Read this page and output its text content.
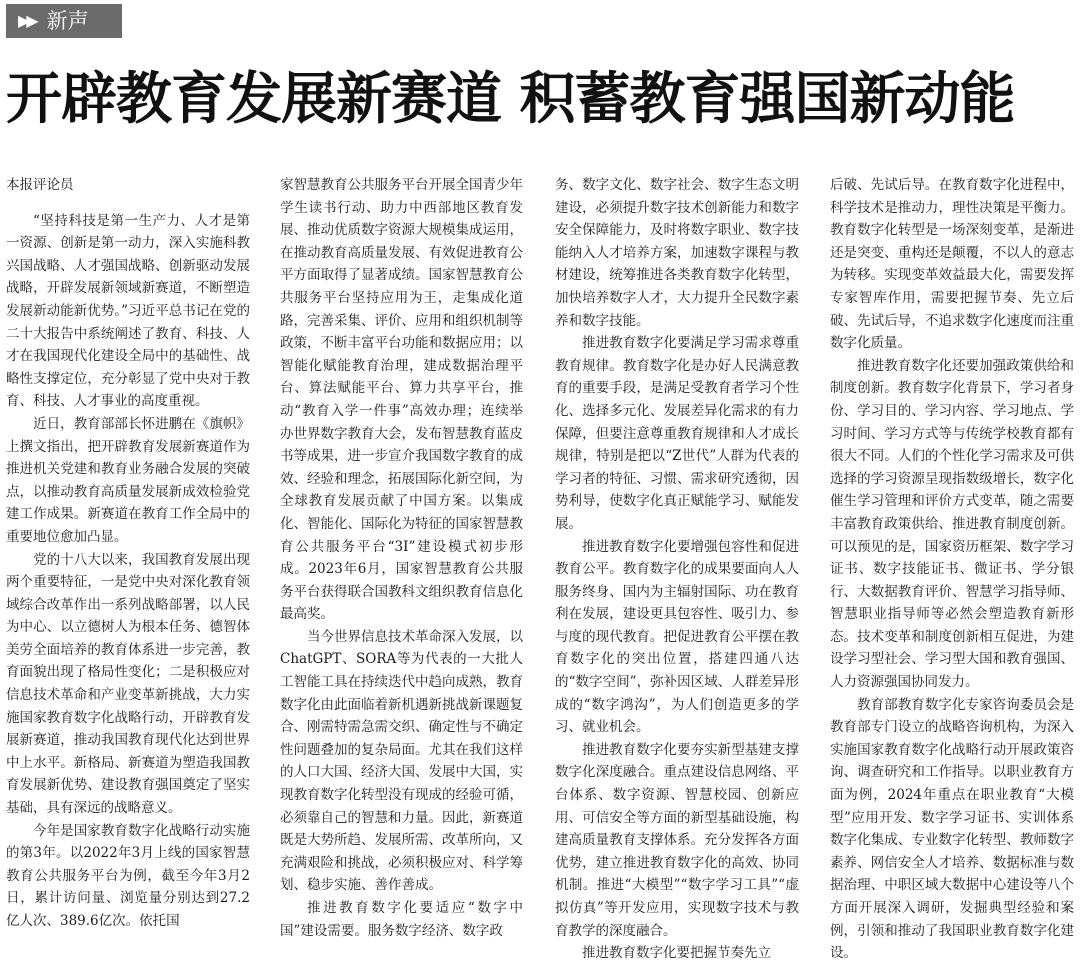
▶▶ 新声
开辟教育发展新赛道 积蓄教育强国新动能
本报评论员

“坚持科技是第一生产力、人才是第一资源、创新是第一动力，深入实施科教兴国战略、人才强国战略、创新驱动发展战略，开辟发展新领域新赛道，不断塑造发展新动能新优势。”习近平总书记在党的二十大报告中系统阐述了教育、科技、人才在我国现代化建设全局中的基础性、战略性支撑定位，充分彰显了党中央对于教育、科技、人才事业的高度重视。

近日，教育部部长怀进鹏在《旗帜》上撰文指出，把开辟教育发展新赛道作为推进机关党建和教育业务融合发展的突破点，以推动教育高质量发展新成效检验党建工作成果。新赛道在教育工作全局中的重要地位愈加凸显。

党的十八大以来，我国教育发展出现两个重要特征，一是党中央对深化教育领域综合改革作出一系列战略部署，以人民为中心、以立德树人为根本任务、德智体美劳全面培养的教育体系进一步完善，教育面貌出现了格局性变化；二是积极应对信息技术革命和产业变革新挑战，大力实施国家教育数字化战略行动，开辟教育发展新赛道，推动我国教育现代化达到世界中上水平。新格局、新赛道为塑造我国教育发展新优势、建设教育强国奠定了坚实基础，具有深远的战略意义。

今年是国家教育数字化战略行动实施的第3年。以2022年3月上线的国家智慧教育公共服务平台为例，截至今年3月2日，累计访问量、浏览量分别达到27.2亿人次、389.6亿次。依托国

家智慧教育公共服务平台开展全国青少年学生读书行动、助力中西部地区教育发展、推动优质数字资源大规模集成运用，在推动教育高质量发展、有效促进教育公平方面取得了显著成绩。国家智慧教育公共服务平台坚持应用为王，走集成化道路，完善采集、评价、应用和组织机制等政策，不断丰富平台功能和数据应用；以智能化赋能教育治理，建成数据治理平台、算法赋能平台、算力共享平台，推动“教育入学一件事”高效办理；连续举办世界数字教育大会，发布智慧教育蓝皮书等成果，进一步宣介我国数字教育的成效、经验和理念，拓展国际化新空间，为全球教育发展贡献了中国方案。以集成化、智能化、国际化为特征的国家智慧教育公共服务平台“3I”建设模式初步形成。2023年6月，国家智慧教育公共服务平台获得联合国教科文组织教育信息化最高奖。

当今世界信息技术革命深入发展，以ChatGPT、SORA等为代表的一大批人工智能工具在持续迭代中趋向成熟，教育数字化由此面临着新机遇新挑战新课题复合、刚需特需急需交织、确定性与不确定性问题叠加的复杂局面。尤其在我们这样的人口大国、经济大国、发展中大国，实现教育数字化转型没有现成的经验可循，必须靠自己的智慧和力量。因此，新赛道既是大势所趋、发展所需、改革所向，又充满艰险和挑战，必须积极应对、科学筹划、稳步实施、善作善成。

推进教育数字化要适应“数字中国”建设需要。服务数字经济、数字政

务、数字文化、数字社会、数字生态文明建设，必须提升数字技术创新能力和数字安全保障能力，及时将数字职业、数字技能纳入人才培养方案，加速数字课程与教材建设，统筹推进各类教育数字化转型，加快培养数字人才，大力提升全民数字素养和数字技能。

推进教育数字化要满足学习需求尊重教育规律。教育数字化是办好人民满意教育的重要手段，是满足受教育者学习个性化、选择多元化、发展差异化需求的有力保障，但要注意尊重教育规律和人才成长规律，特别是把以“Z世代”人群为代表的学习者的特征、习惯、需求研究透彻，因势利导，使数字化真正赋能学习、赋能发展。

推进教育数字化要增强包容性和促进教育公平。教育数字化的成果要面向人人服务终身、国内为主辐射国际、功在教育利在发展，建设更具包容性、吸引力、参与度的现代教育。把促进教育公平摆在教育数字化的突出位置，搭建四通八达的“数字空间”，弥补因区域、人群差异形成的“数字鸿沟”，为人们创造更多的学习、就业机会。

推进教育数字化要夯实新型基建支撑数字化深度融合。重点建设信息网络、平台体系、数字资源、智慧校园、创新应用、可信安全等方面的新型基础设施，构建高质量教育支撑体系。充分发挥各方面优势，建立推进教育数字化的高效、协同机制。推进“大模型”“数字学习工具”“虚拟仿真”等开发应用，实现数字技术与教育教学的深度融合。

推进教育数字化要把握节奏先立

后破、先试后导。在教育数字化进程中，科学技术是推动力，理性决策是平衡力。教育数字化转型是一场深刻变革，是渐进还是突变、重构还是颠覆，不以人的意志为转移。实现变革效益最大化，需要发挥专家智库作用，需要把握节奏、先立后破、先试后导，不追求数字化速度而注重数字化质量。

推进教育数字化还要加强政策供给和制度创新。教育数字化背景下，学习者身份、学习目的、学习内容、学习地点、学习时间、学习方式等与传统学校教育都有很大不同。人们的个性化学习需求及可供选择的学习资源呈现指数级增长，数字化催生学习管理和评价方式变革，随之需要丰富教育政策供给、推进教育制度创新。可以预见的是，国家资历框架、数字学习证书、数字技能证书、微证书、学分银行、大数据教育评价、智慧学习指导师、智慧职业指导师等必然会塑造教育新形态。技术变革和制度创新相互促进，为建设学习型社会、学习型大国和教育强国、人力资源强国协同发力。

教育部教育数字化专家咨询委员会是教育部专门设立的战略咨询机构，为深入实施国家教育数字化战略行动开展政策咨询、调查研究和工作指导。以职业教育方面为例，2024年重点在职业教育“大模型”应用开发、数字学习证书、实训体系数字化集成、专业数字化转型、教师数字素养、网信安全人才培养、数据标准与数据治理、中职区域大数据中心建设等八个方面开展深入调研，发掘典型经验和案例，引领和推动了我国职业教育数字化建设。
